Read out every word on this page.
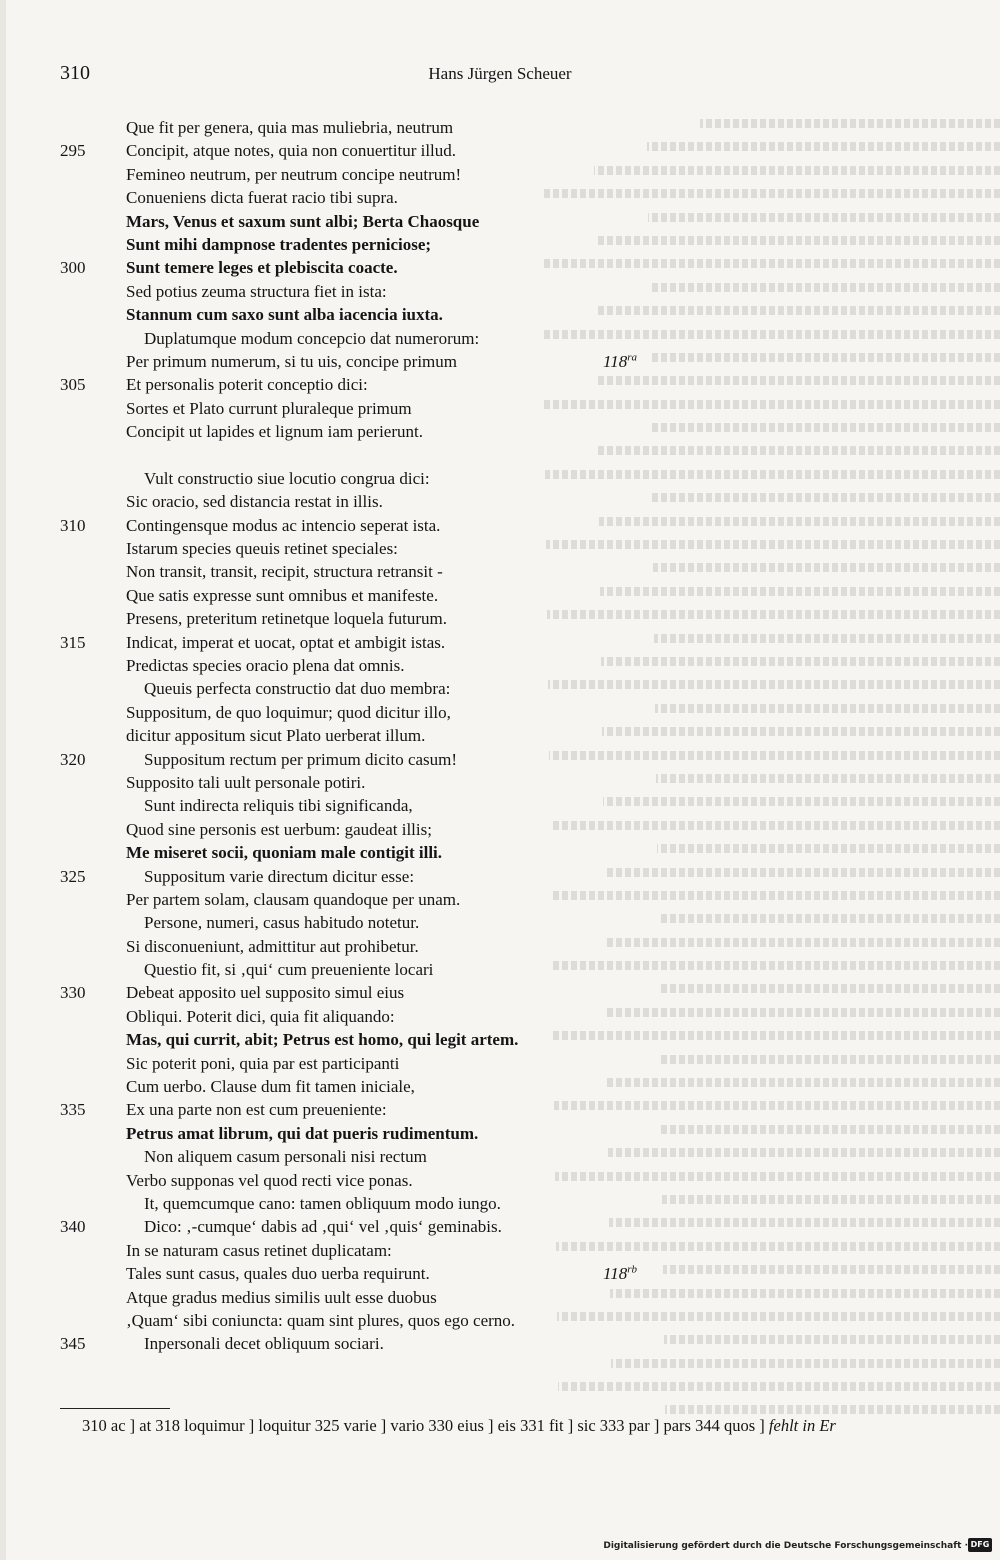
310	Hans Jürgen Scheuer
Que fit per genera, quia mas muliebria, neutrum
295 Concipit, atque notes, quia non conuertitur illud.
Femineo neutrum, per neutrum concipe neutrum!
Conueniens dicta fuerat racio tibi supra.
Mars, Venus et saxum sunt albi; Berta Chaosque
Sunt mihi dampnose tradentes perniciose;
300 Sunt temere leges et plebiscita coacte.
Sed potius zeuma structura fiet in ista:
Stannum cum saxo sunt alba iacencia iuxta.
Duplatumque modum concepcio dat numerorum:
Per primum numerum, si tu uis, concipe primum	$118^{ra}$
305 Et personalis poterit conceptio dici:
Sortes et Plato currunt pluraleque primum
Concipit ut lapides et lignum iam perierunt.
Vult constructio siue locutio congrua dici:
Sic oracio, sed distancia restat in illis.
310 Contingensque modus ac intencio seperat ista.
Istarum species queuis retinet speciales:
Non transit, transit, recipit, structura retransit -
Que satis expresse sunt omnibus et manifeste.
Presens, preteritum retinetque loquela futurum.
315 Indicat, imperat et uocat, optat et ambigit istas.
Predictas species oracio plena dat omnis.
Queuis perfecta constructio dat duo membra:
Suppositum, de quo loquimur; quod dicitur illo,
dicitur appositum sicut Plato uerberat illum.
320	Suppositum rectum per primum dicito casum!
Supposito tali uult personale potiri.
Sunt indirecta reliquis tibi significanda,
Quod sine personis est uerbum: gaudeat illis;
Me miseret socii, quoniam male contigit illi.
325	Suppositum varie directum dicitur esse:
Per partem solam, clausam quandoque per unam.
Persone, numeri, casus habitudo notetur.
Si disconueniunt, admittitur aut prohibetur.
Questio fit, si ‚qui‘ cum preueniente locari
330 Debeat apposito uel supposito simul eius
Obliqui. Poterit dici, quia fit aliquando:
Mas, qui currit, abit; Petrus est homo, qui legit artem.
Sic poterit poni, quia par est participanti
Cum uerbo. Clause dum fit tamen iniciale,
335 Ex una parte non est cum preueniente:
Petrus amat librum, qui dat pueris rudimentum.
Non aliquem casum personali nisi rectum
Verbo supponas vel quod recti vice ponas.
It, quemcumque cano: tamen obliquum modo iungo.
340	Dico: ‚-cumque‘ dabis ad ‚qui‘ vel ‚quis‘ geminabis.
In se naturam casus retinet duplicatam:
Tales sunt casus, quales duo uerba requirunt.	$118^{rb}$
Atque gradus medius similis uult esse duobus
‚Quam‘ sibi coniuncta: quam sint plures, quos ego cerno.
345	Inpersonali decet obliquum sociari.
310 ac ] at 318 loquimur ] loquitur 325 varie ] vario 330 eius ] eis 331 fit ] sic 333 par ] pars 344 quos ] fehlt in Er
Digitalisierung gefördert durch die Deutsche Forschungsgemeinschaft · DFG
